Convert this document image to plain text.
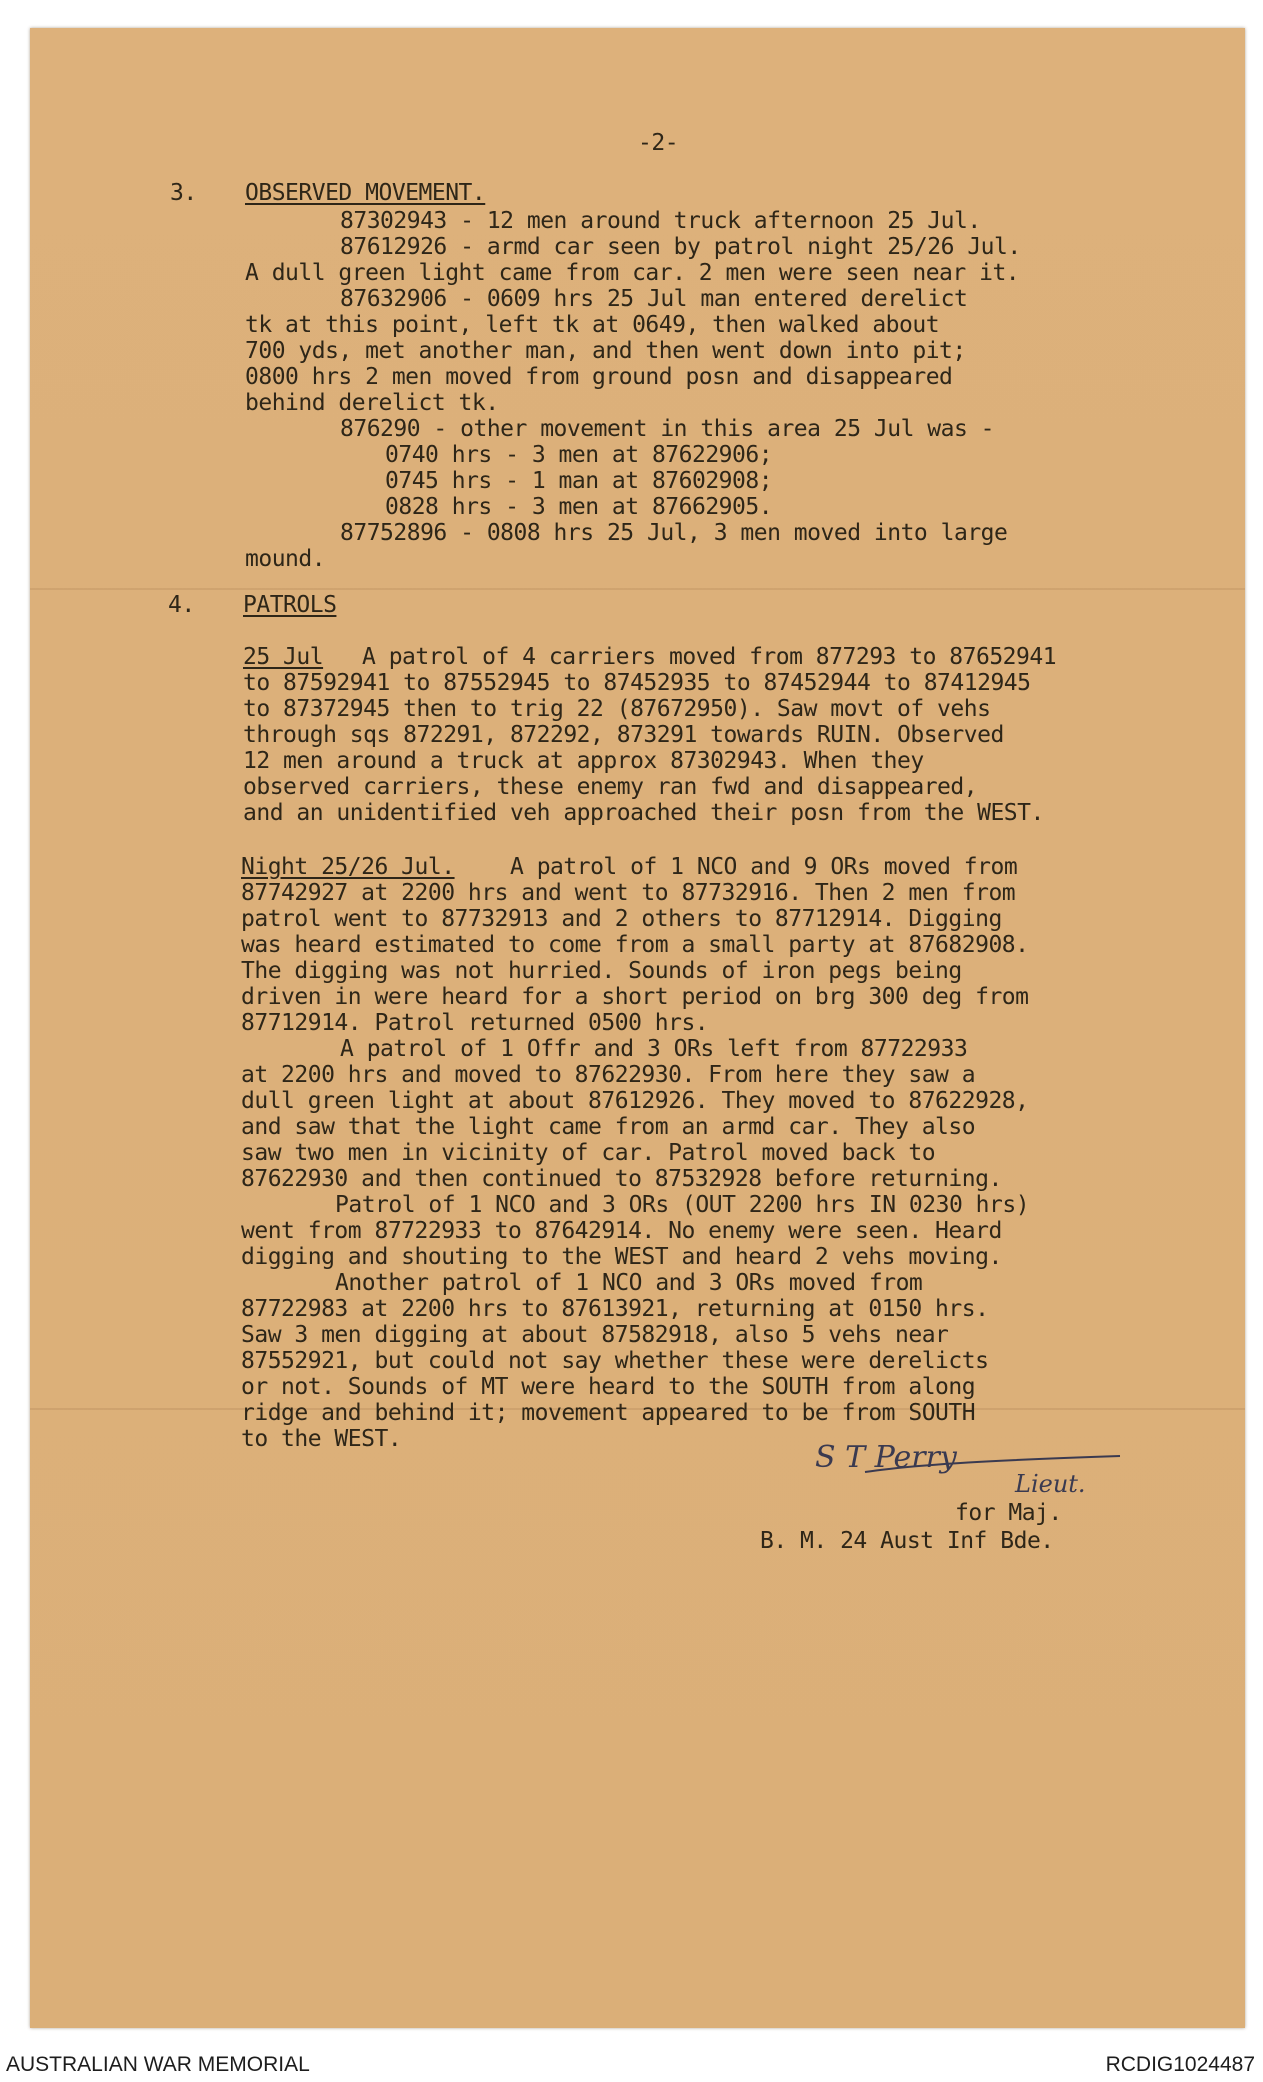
-2-

3. OBSERVED MOVEMENT.

87302943 - 12 men around truck afternoon 25 Jul.

87612926 - armd car seen by patrol night 25/26 Jul.

A dull green light came from car. 2 men were seen near it.

87632906 - 0609 hrs 25 Jul man entered derelict

tk at this point, left tk at 0649, then walked about

700 yds, met another man, and then went down into pit;

0800 hrs 2 men moved from ground posn and disappeared

behind derelict tk.

876290 - other movement in this area 25 Jul was -

0740 hrs - 3 men at 87622906;

0745 hrs - 1 man at 87602908;

0828 hrs - 3 men at 87662905.

87752896 - 0808 hrs 25 Jul, 3 men moved into large

mound.

4. PATROLS

25 Jul A patrol of 4 carriers moved from 877293 to 87652941

to 87592941 to 87552945 to 87452935 to 87452944 to 87412945

to 87372945 then to trig 22 (87672950). Saw movt of vehs

through sqs 872291, 872292, 873291 towards RUIN. Observed

12 men around a truck at approx 87302943. When they

observed carriers, these enemy ran fwd and disappeared,

and an unidentified veh approached their posn from the WEST.

Night 25/26 Jul. A patrol of 1 NCO and 9 ORs moved from

87742927 at 2200 hrs and went to 87732916. Then 2 men from

patrol went to 87732913 and 2 others to 87712914. Digging

was heard estimated to come from a small party at 87682908.

The digging was not hurried. Sounds of iron pegs being

driven in were heard for a short period on brg 300 deg from

87712914. Patrol returned 0500 hrs.

A patrol of 1 Offr and 3 ORs left from 87722933

at 2200 hrs and moved to 87622930. From here they saw a

dull green light at about 87612926. They moved to 87622928,

and saw that the light came from an armd car. They also

saw two men in vicinity of car. Patrol moved back to

87622930 and then continued to 87532928 before returning.

Patrol of 1 NCO and 3 ORs (OUT 2200 hrs IN 0230 hrs)

went from 87722933 to 87642914. No enemy were seen. Heard

digging and shouting to the WEST and heard 2 vehs moving.

Another patrol of 1 NCO and 3 ORs moved from

87722983 at 2200 hrs to 87613921, returning at 0150 hrs.

Saw 3 men digging at about 87582918, also 5 vehs near

87552921, but could not say whether these were derelicts

or not. Sounds of MT were heard to the SOUTH from along

ridge and behind it; movement appeared to be from SOUTH

to the WEST.

S T Perry
Lieut.

for Maj.

B. M. 24 Aust Inf Bde.

AUSTRALIAN WAR MEMORIAL	RCDIG1024487
